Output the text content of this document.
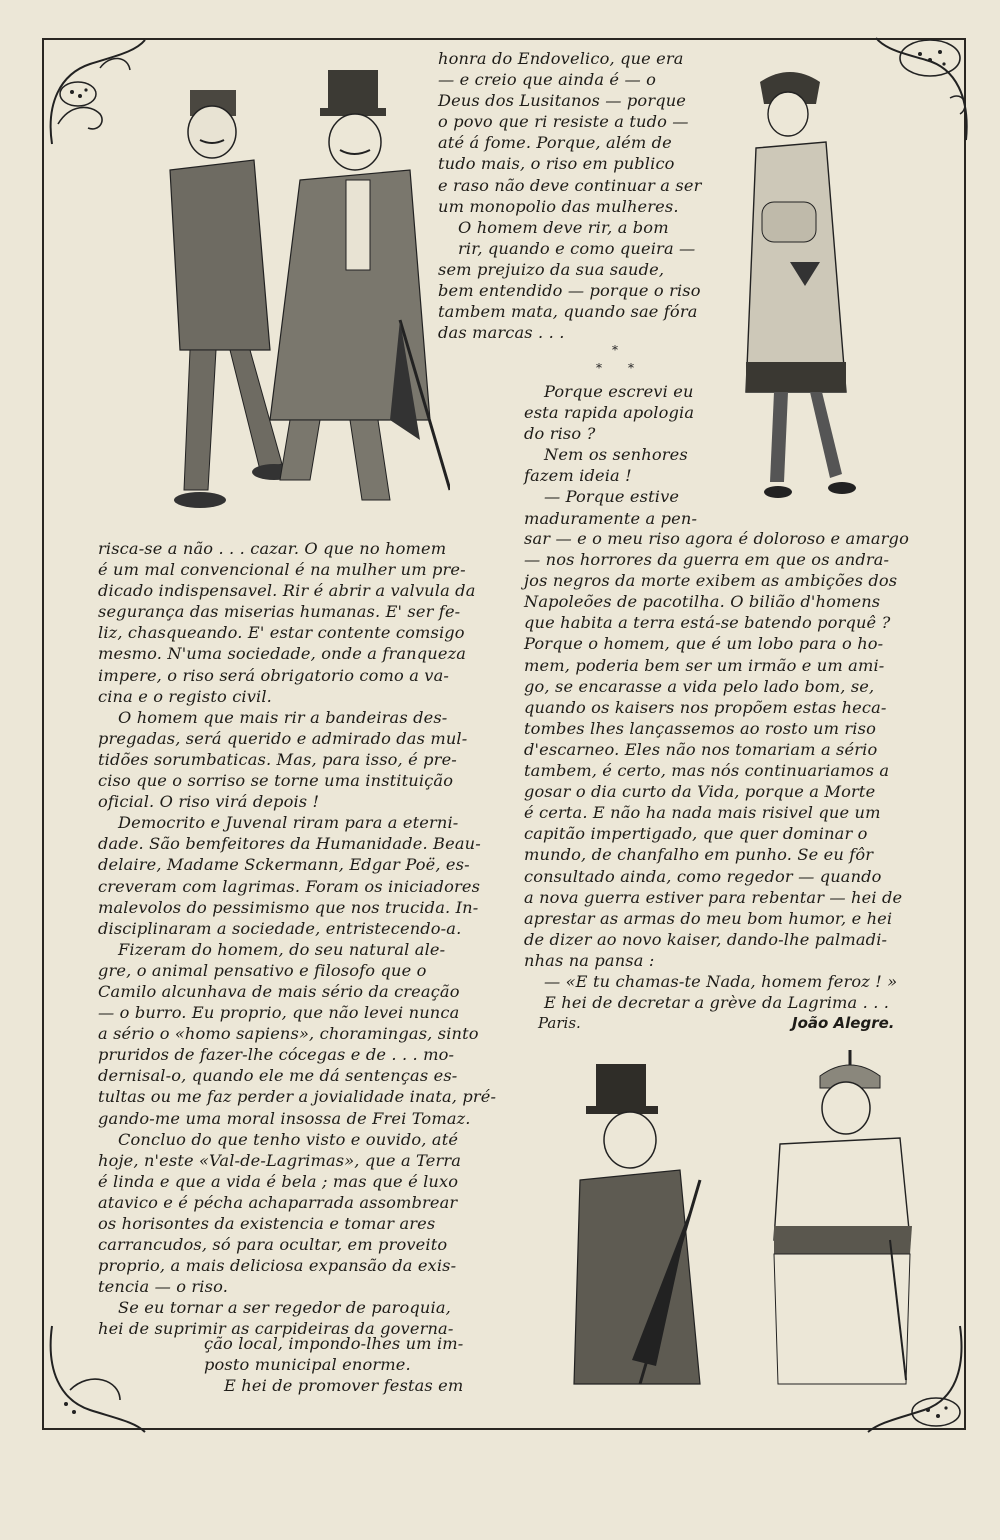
honra do Endovelico, que era
— e creio que ainda é — o
Deus dos Lusitanos — porque
o povo que ri resiste a tudo —
até á fome. Porque, além de
tudo mais, o riso em publico
e raso não deve continuar a ser
um monopolio das mulheres.
O homem deve rir, a bom
rir, quando e como queira —
sem prejuizo da sua saude,
bem entendido — porque o riso
tambem mata, quando sae fóra
das marcas . . .
*
* *
Porque escrevi eu
esta rapida apologia
do riso ?
Nem os senhores
fazem ideia !
— Porque estive
maduramente a pen-
sar — e o meu riso agora é doloroso e amargo
— nos horrores da guerra em que os andra-
jos negros da morte exibem as ambições dos
Napoleões de pacotilha. O bilião d'homens
que habita a terra está-se batendo porquê ?
Porque o homem, que é um lobo para o ho-
mem, poderia bem ser um irmão e um ami-
go, se encarasse a vida pelo lado bom, se,
quando os kaisers nos propõem estas heca-
tombes lhes lançassemos ao rosto um riso
d'escarneo. Eles não nos tomariam a sério
tambem, é certo, mas nós continuariamos a
gosar o dia curto da Vida, porque a Morte
é certa. E não ha nada mais risivel que um
capitão impertigado, que quer dominar o
mundo, de chanfalho em punho. Se eu fôr
consultado ainda, como regedor — quando
a nova guerra estiver para rebentar — hei de
aprestar as armas do meu bom humor, e hei
de dizer ao novo kaiser, dando-lhe palmadi-
nhas na pansa :
— «E tu chamas-te Nada, homem feroz ! »
E hei de decretar a grève da Lagrima . . .
risca-se a não . . . cazar. O que no homem
é um mal convencional é na mulher um pre-
dicado indispensavel. Rir é abrir a valvula da
segurança das miserias humanas. E' ser fe-
liz, chasqueando. E' estar contente comsigo
mesmo. N'uma sociedade, onde a franqueza
impere, o riso será obrigatorio como a va-
cina e o registo civil.
O homem que mais rir a bandeiras des-
pregadas, será querido e admirado das mul-
tidões sorumbaticas. Mas, para isso, é pre-
ciso que o sorriso se torne uma instituição
oficial. O riso virá depois !
Democrito e Juvenal riram para a eterni-
dade. São bemfeitores da Humanidade. Beau-
delaire, Madame Sckermann, Edgar Poë, es-
creveram com lagrimas. Foram os iniciadores
malevolos do pessimismo que nos trucida. In-
disciplinaram a sociedade, entristecendo-a.
Fizeram do homem, do seu natural ale-
gre, o animal pensativo e filosofo que o
Camilo alcunhava de mais sério da creação
— o burro. Eu proprio, que não levei nunca
a sério o «homo sapiens», choramingas, sinto
pruridos de fazer-lhe cócegas e de . . . mo-
dernisal-o, quando ele me dá sentenças es-
tultas ou me faz perder a jovialidade inata, pré-
gando-me uma moral insossa de Frei Tomaz.
Concluo do que tenho visto e ouvido, até
hoje, n'este «Val-de-Lagrimas», que a Terra
é linda e que a vida é bela ; mas que é luxo
atavico e é pécha achaparrada assombrear
os horisontes da existencia e tomar ares
carrancudos, só para ocultar, em proveito
proprio, a mais deliciosa expansão da exis-
tencia — o riso.
Se eu tornar a ser regedor de paroquia,
hei de suprimir as carpideiras da governa-
ção local, impondo-lhes um im-
posto municipal enorme.
E hei de promover festas em
Paris.	João Alegre.
